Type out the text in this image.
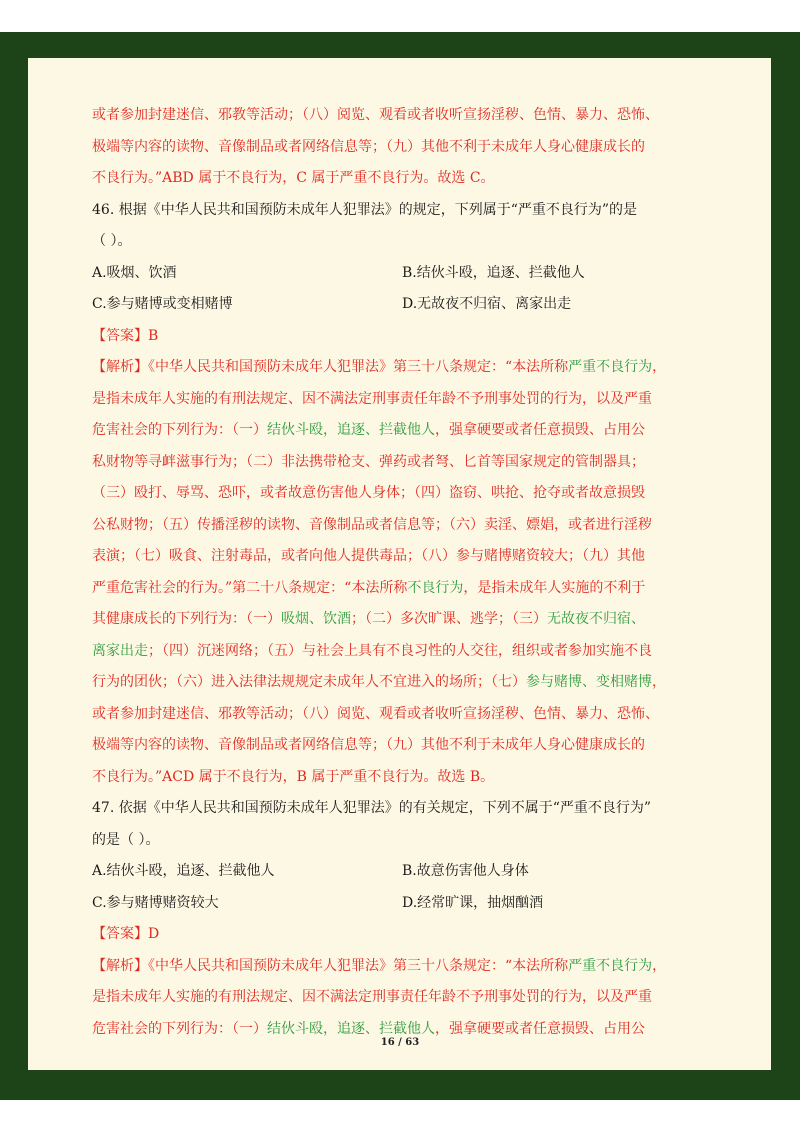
或者参加封建迷信、邪教等活动；（八）阅览、观看或者收听宣扬淫秽、色情、暴力、恐怖、

极端等内容的读物、音像制品或者网络信息等；（九）其他不利于未成年人身心健康成长的

不良行为。”ABD 属于不良行为，C 属于严重不良行为。故选 C。

46. 根据《中华人民共和国预防未成年人犯罪法》的规定，下列属于“严重不良行为”的是

（ ）。

A.吸烟、饮酒	B.结伙斗殴，追逐、拦截他人
C.参与赌博或变相赌博	D.无故夜不归宿、离家出走

【答案】B

【解析】《中华人民共和国预防未成年人犯罪法》第三十八条规定：“本法所称严重不良行为，

是指未成年人实施的有刑法规定、因不满法定刑事责任年龄不予刑事处罚的行为，以及严重

危害社会的下列行为：（一）结伙斗殴，追逐、拦截他人，强拿硬要或者任意损毁、占用公

私财物等寻衅滋事行为；（二）非法携带枪支、弹药或者弩、匕首等国家规定的管制器具；

（三）殴打、辱骂、恐吓，或者故意伤害他人身体；（四）盗窃、哄抢、抢夺或者故意损毁

公私财物；（五）传播淫秽的读物、音像制品或者信息等；（六）卖淫、嫖娼，或者进行淫秽

表演；（七）吸食、注射毒品，或者向他人提供毒品；（八）参与赌博赌资较大；（九）其他

严重危害社会的行为。”第二十八条规定：“本法所称不良行为，是指未成年人实施的不利于

其健康成长的下列行为：（一）吸烟、饮酒；（二）多次旷课、逃学；（三）无故夜不归宿、

离家出走；（四）沉迷网络；（五）与社会上具有不良习性的人交往，组织或者参加实施不良

行为的团伙；（六）进入法律法规规定未成年人不宜进入的场所；（七）参与赌博、变相赌博，

或者参加封建迷信、邪教等活动；（八）阅览、观看或者收听宣扬淫秽、色情、暴力、恐怖、

极端等内容的读物、音像制品或者网络信息等；（九）其他不利于未成年人身心健康成长的

不良行为。”ACD 属于不良行为，B 属于严重不良行为。故选 B。

47. 依据《中华人民共和国预防未成年人犯罪法》的有关规定，下列不属于“严重不良行为”

的是（ ）。

A.结伙斗殴，追逐、拦截他人	B.故意伤害他人身体
C.参与赌博赌资较大	D.经常旷课，抽烟酗酒

【答案】D

【解析】《中华人民共和国预防未成年人犯罪法》第三十八条规定：“本法所称严重不良行为，

是指未成年人实施的有刑法规定、因不满法定刑事责任年龄不予刑事处罚的行为，以及严重

危害社会的下列行为：（一）结伙斗殴，追逐、拦截他人，强拿硬要或者任意损毁、占用公

16 / 63
